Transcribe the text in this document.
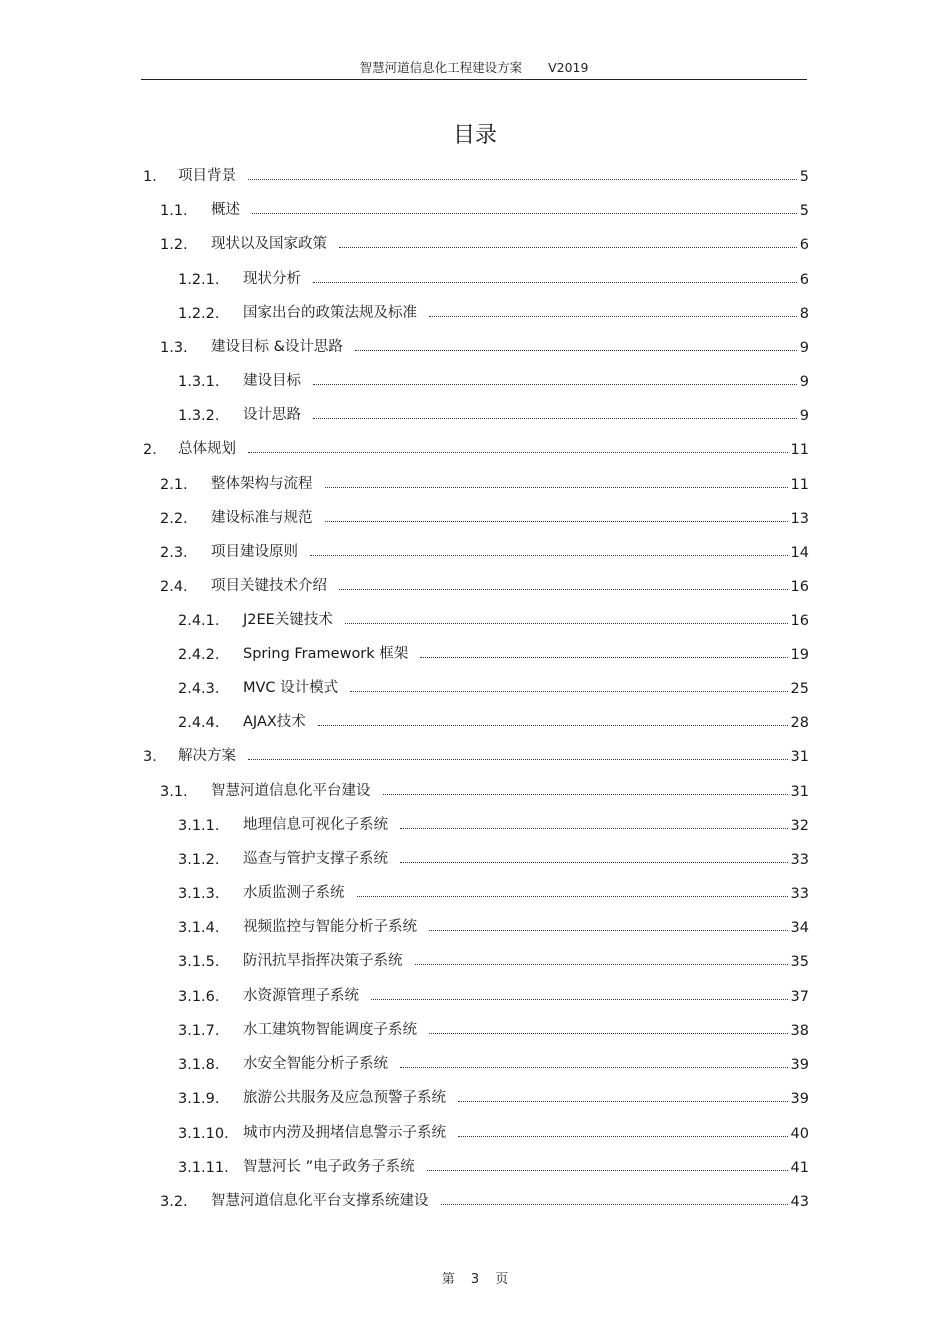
智慧河道信息化工程建设方案 V2019
目录
1.	项目背景	5
1.1.	概述	5
1.2.	现状以及国家政策	6
1.2.1.	现状分析	6
1.2.2.	国家出台的政策法规及标准	8
1.3.	建设目标 &设计思路	9
1.3.1.	建设目标	9
1.3.2.	设计思路	9
2.	总体规划	11
2.1.	整体架构与流程	11
2.2.	建设标准与规范	13
2.3.	项目建设原则	14
2.4.	项目关键技术介绍	16
2.4.1.	J2EE关键技术	16
2.4.2.	Spring Framework 框架	19
2.4.3.	MVC 设计模式	25
2.4.4.	AJAX技术	28
3.	解决方案	31
3.1.	智慧河道信息化平台建设	31
3.1.1.	地理信息可视化子系统	32
3.1.2.	巡查与管护支撑子系统	33
3.1.3.	水质监测子系统	33
3.1.4.	视频监控与智能分析子系统	34
3.1.5.	防汛抗旱指挥决策子系统	35
3.1.6.	水资源管理子系统	37
3.1.7.	水工建筑物智能调度子系统	38
3.1.8.	水安全智能分析子系统	39
3.1.9.	旅游公共服务及应急预警子系统	39
3.1.10. 城市内涝及拥堵信息警示子系统	40
3.1.11. 智慧河长 ”电子政务子系统	41
3.2.	智慧河道信息化平台支撑系统建设	43
第 3 页
